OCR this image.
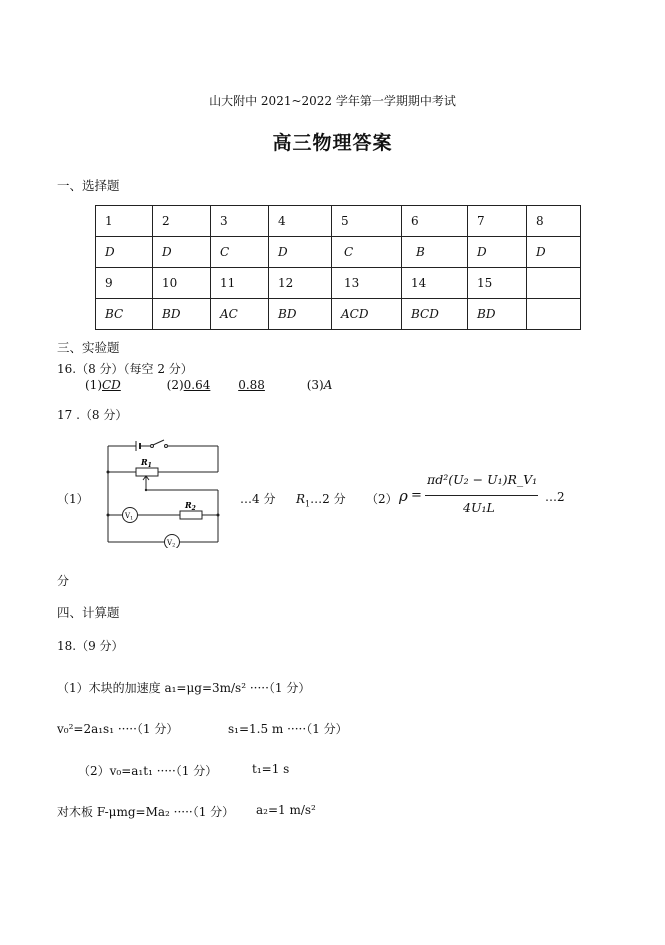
山大附中 2021~2022 学年第一学期期中考试
高三物理答案
一、选择题
1	2	3	4	5	6	7	8
D	D	C	D	C	B	D	D
9	10	11	12	13	14	15	
BC	BD	AC	BD	ACD	BCD	BD	
三、实验题
16.（8 分）（每空 2 分）
(1)CD	(2)0.64 0.88	(3)A
17 .（8 分）
（1）
$R_1$
$R_2$
$V_1$
$V_2$
…4 分 $R_1\dots 2$ 分 （2） ρ =
πd²(U₂ − U₁)R_V₁
4U₁L
…2
分
四、计算题
18.（9 分）
（1）木块的加速度 a₁=μg=3m/s² ·····（1 分）
v₀²=2a₁s₁ ·····（1 分）	s₁=1.5 m ·····（1 分）
（2）v₀=a₁t₁ ·····（1 分）	t₁=1 s
对木板 F-μmg=Ma₂ ·····（1 分） a₂=1 m/s²
